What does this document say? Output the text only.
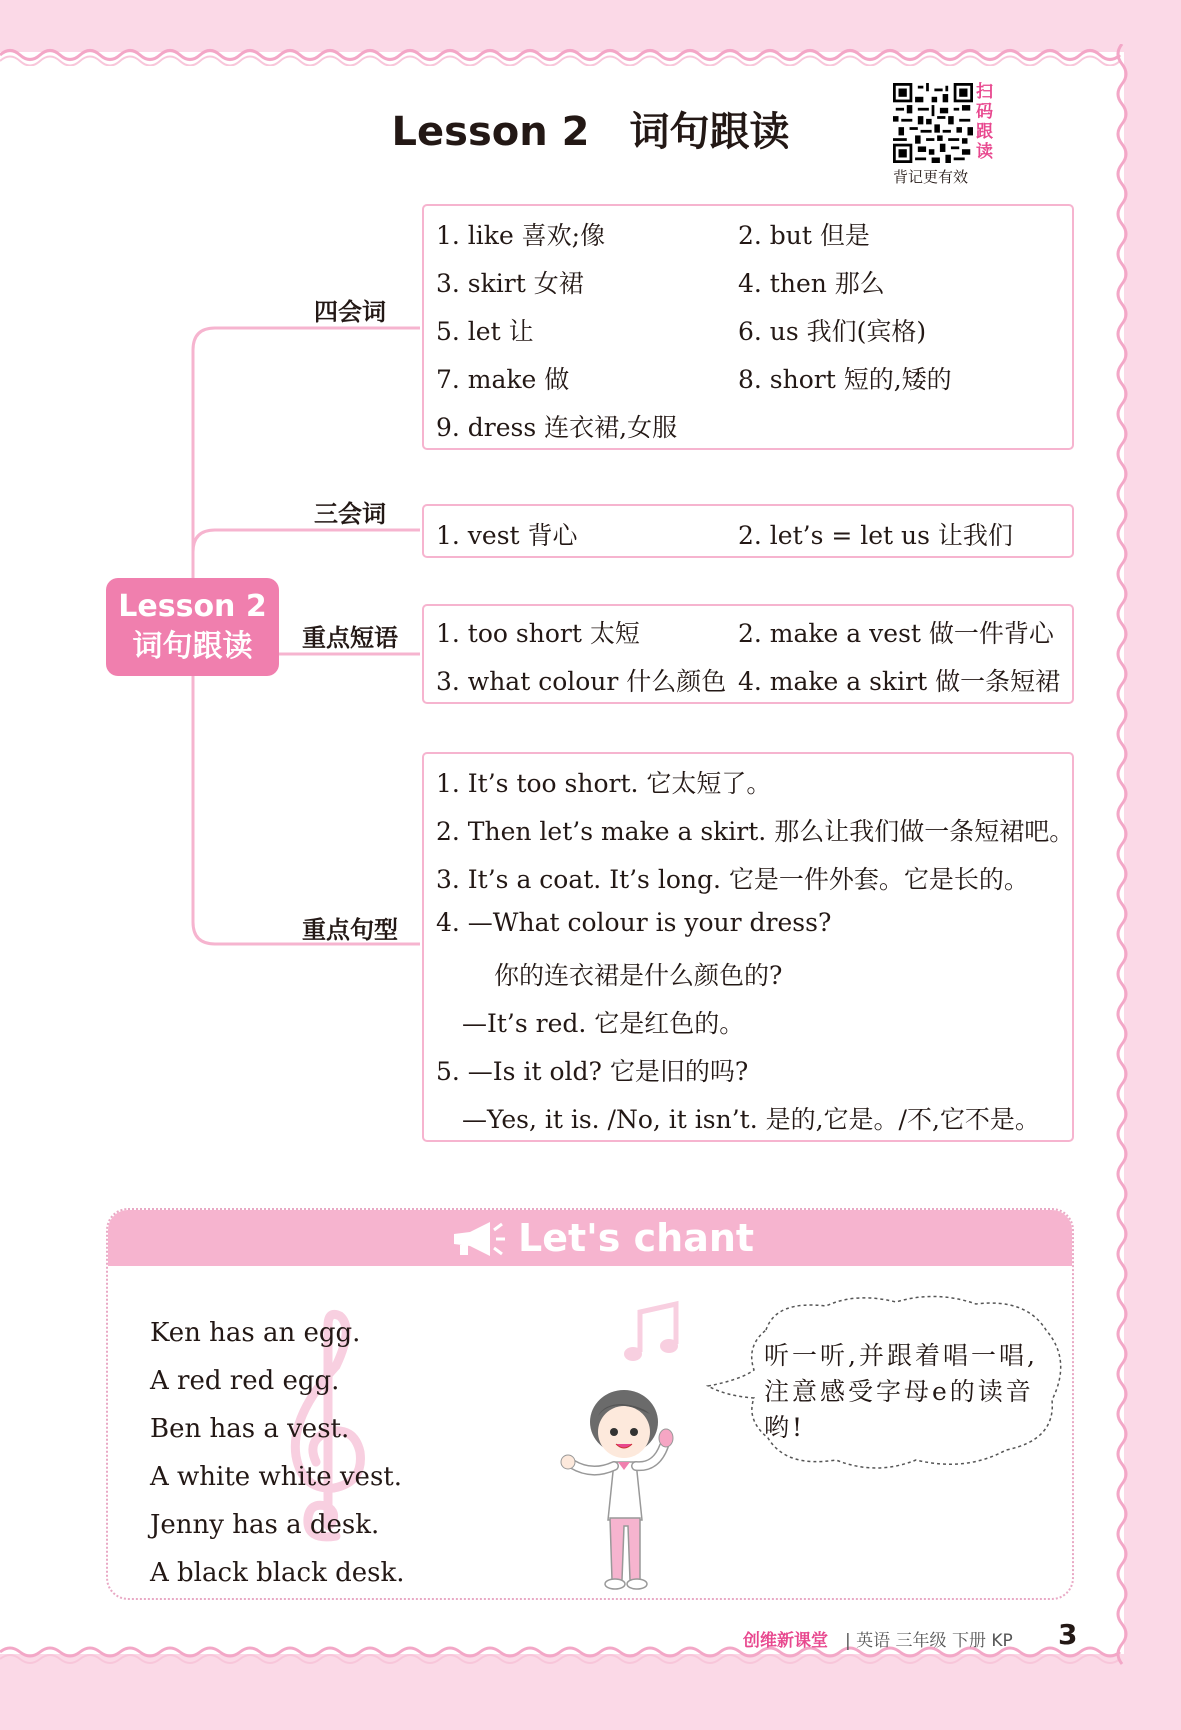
Lesson 2 词句跟读
扫
码
跟
读
背记更有效
Lesson 2
词句跟读
四会词
三会词
重点短语
重点句型
1. like 喜欢;像	2. but 但是
3. skirt 女裙	4. then 那么
5. let 让	6. us 我们(宾格)
7. make 做	8. short 短的,矮的
9. dress 连衣裙,女服
1. vest 背心	2. let’s = let us 让我们
1. too short 太短	2. make a vest 做一件背心
3. what colour 什么颜色 4. make a skirt 做一条短裙
1. It’s too short. 它太短了。
2. Then let’s make a skirt. 那么让我们做一条短裙吧。
3. It’s a coat. It’s long. 它是一件外套。它是长的。
4. —What colour is your dress?
你的连衣裙是什么颜色的?
—It’s red. 它是红色的。
5. —Is it old? 它是旧的吗?
—Yes, it is. /No, it isn’t. 是的,它是。/不,它不是。
Let's chant
Ken has an egg.
A red red egg.
Ben has a vest.
A white white vest.
Jenny has a desk.
A black black desk.
听一听,并跟着唱一唱,注意感受字母e的读音哟!
创维新课堂 | 英语 三年级 下册 KP 3
